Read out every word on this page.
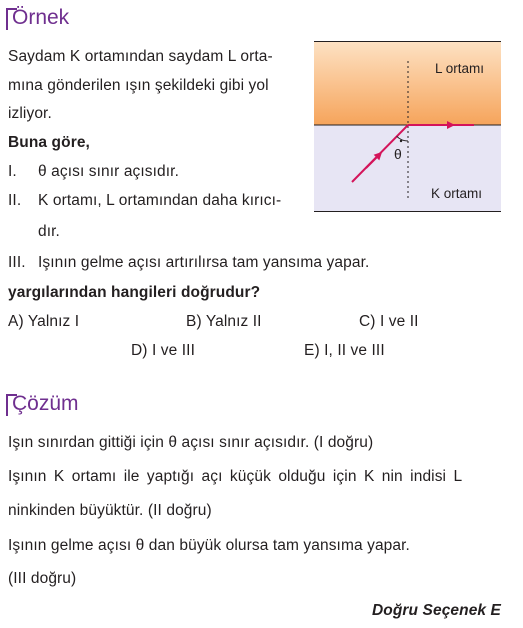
Örnek
Saydam K ortamından saydam L orta-
mına gönderilen ışın şekildeki gibi yol
izliyor.
Buna göre,
I. θ açısı sınır açısıdır.
II. K ortamı, L ortamından daha kırıcı-
dır.
III. Işının gelme açısı artırılırsa tam yansıma yapar.
yargılarından hangileri doğrudur?
A) Yalnız I	B) Yalnız II	C) I ve II
D) I ve III	E) I, II ve III
L ortamı
K ortamı
θ
Çözüm
Işın sınırdan gittiği için θ açısı sınır açısıdır. (I doğru)
Işının K ortamı ile yaptığı açı küçük olduğu için K nin indisi L
ninkinden büyüktür. (II doğru)
Işının gelme açısı θ dan büyük olursa tam yansıma yapar.
(III doğru)
Doğru Seçenek E
